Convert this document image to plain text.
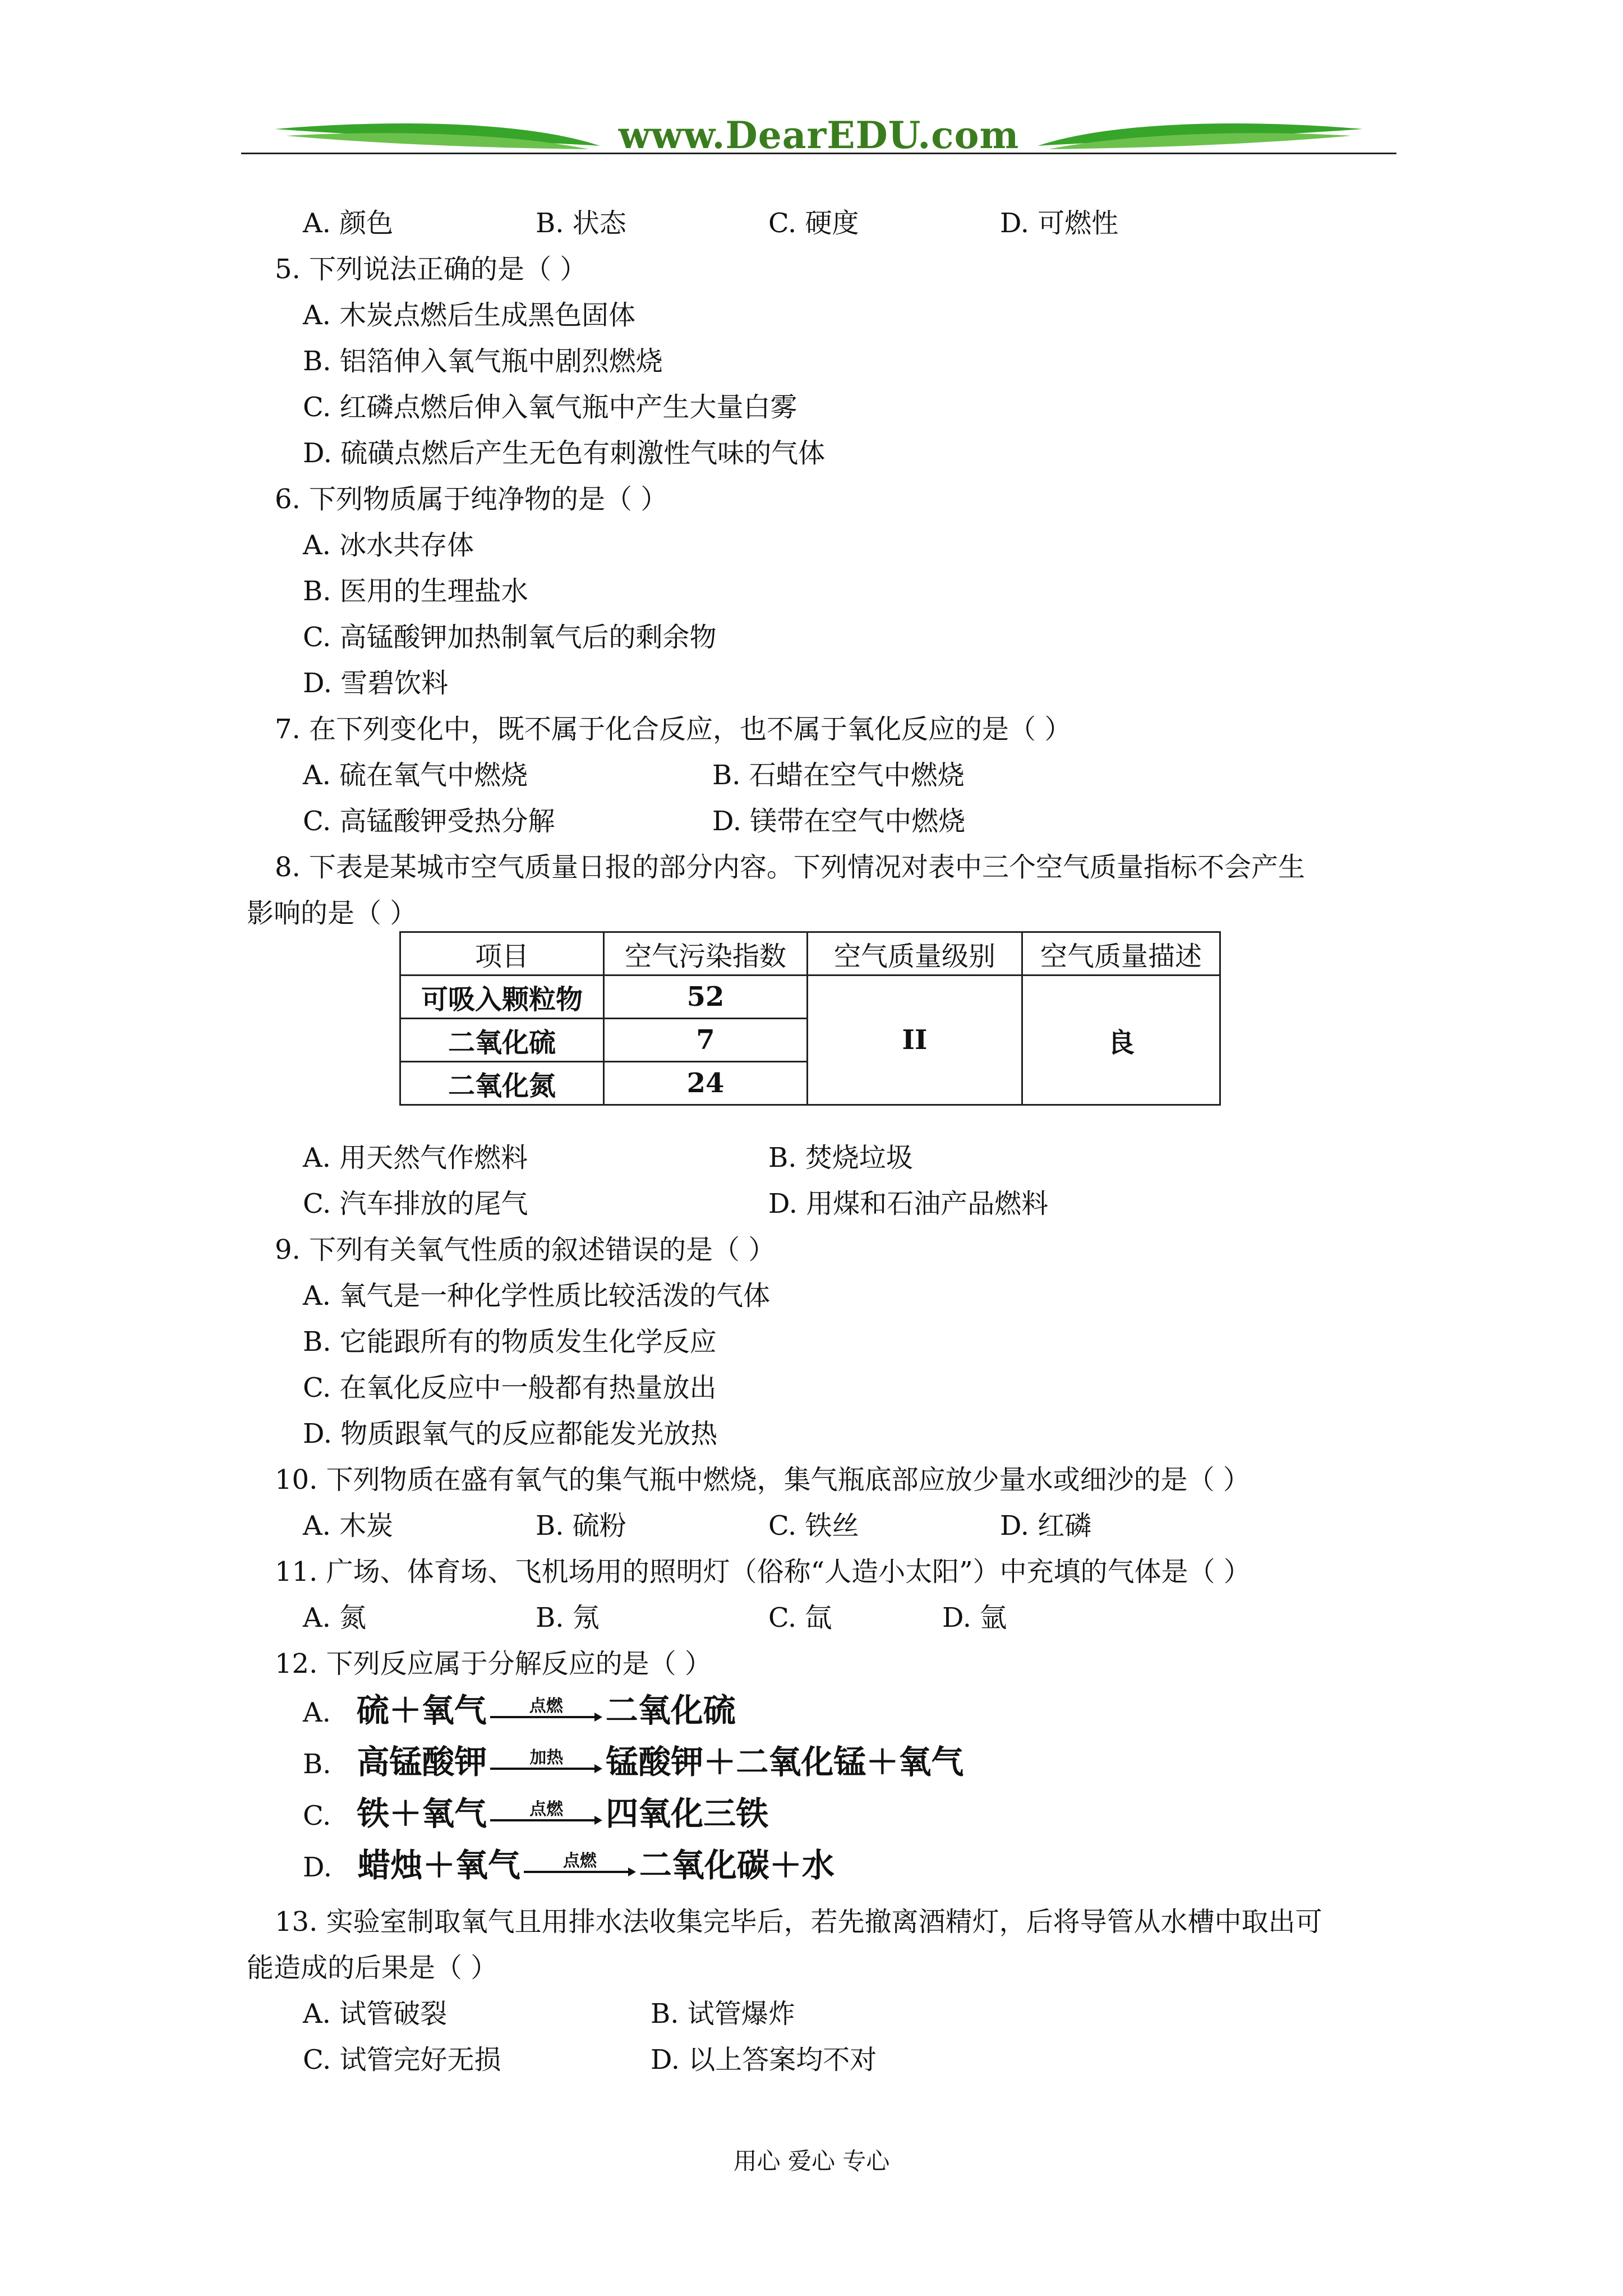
www.DearEDU.com
A. 颜色	B. 状态	C. 硬度	D. 可燃性
5. 下列说法正确的是（ ）
A. 木炭点燃后生成黑色固体
B. 铝箔伸入氧气瓶中剧烈燃烧
C. 红磷点燃后伸入氧气瓶中产生大量白雾
D. 硫磺点燃后产生无色有刺激性气味的气体
6. 下列物质属于纯净物的是（ ）
A. 冰水共存体
B. 医用的生理盐水
C. 高锰酸钾加热制氧气后的剩余物
D. 雪碧饮料
7. 在下列变化中，既不属于化合反应，也不属于氧化反应的是（ ）
A. 硫在氧气中燃烧	B. 石蜡在空气中燃烧
C. 高锰酸钾受热分解	D. 镁带在空气中燃烧
8. 下表是某城市空气质量日报的部分内容。下列情况对表中三个空气质量指标不会产生
影响的是（ ）
项目	空气污染指数	空气质量级别	空气质量描述
可吸入颗粒物	52	II	良
二氧化硫	7		
二氧化氮	24		
A. 用天然气作燃料	B. 焚烧垃圾
C. 汽车排放的尾气	D. 用煤和石油产品燃料
9. 下列有关氧气性质的叙述错误的是（ ）
A. 氧气是一种化学性质比较活泼的气体
B. 它能跟所有的物质发生化学反应
C. 在氧化反应中一般都有热量放出
D. 物质跟氧气的反应都能发光放热
10. 下列物质在盛有氧气的集气瓶中燃烧，集气瓶底部应放少量水或细沙的是（ ）
A. 木炭	B. 硫粉	C. 铁丝	D. 红磷
11. 广场、体育场、飞机场用的照明灯（俗称“人造小太阳”）中充填的气体是（ ）
A. 氮	B. 氖	C. 氙	D. 氩
12. 下列反应属于分解反应的是（ ）
A. 硫＋氧气	点燃	二氧化硫
B. 高锰酸钾	加热	锰酸钾＋二氧化锰＋氧气
C. 铁＋氧气	点燃	四氧化三铁
D. 蜡烛＋氧气	点燃	二氧化碳＋水
13. 实验室制取氧气且用排水法收集完毕后，若先撤离酒精灯，后将导管从水槽中取出可
能造成的后果是（ ）
A. 试管破裂	B. 试管爆炸
C. 试管完好无损	D. 以上答案均不对
用心 爱心 专心
